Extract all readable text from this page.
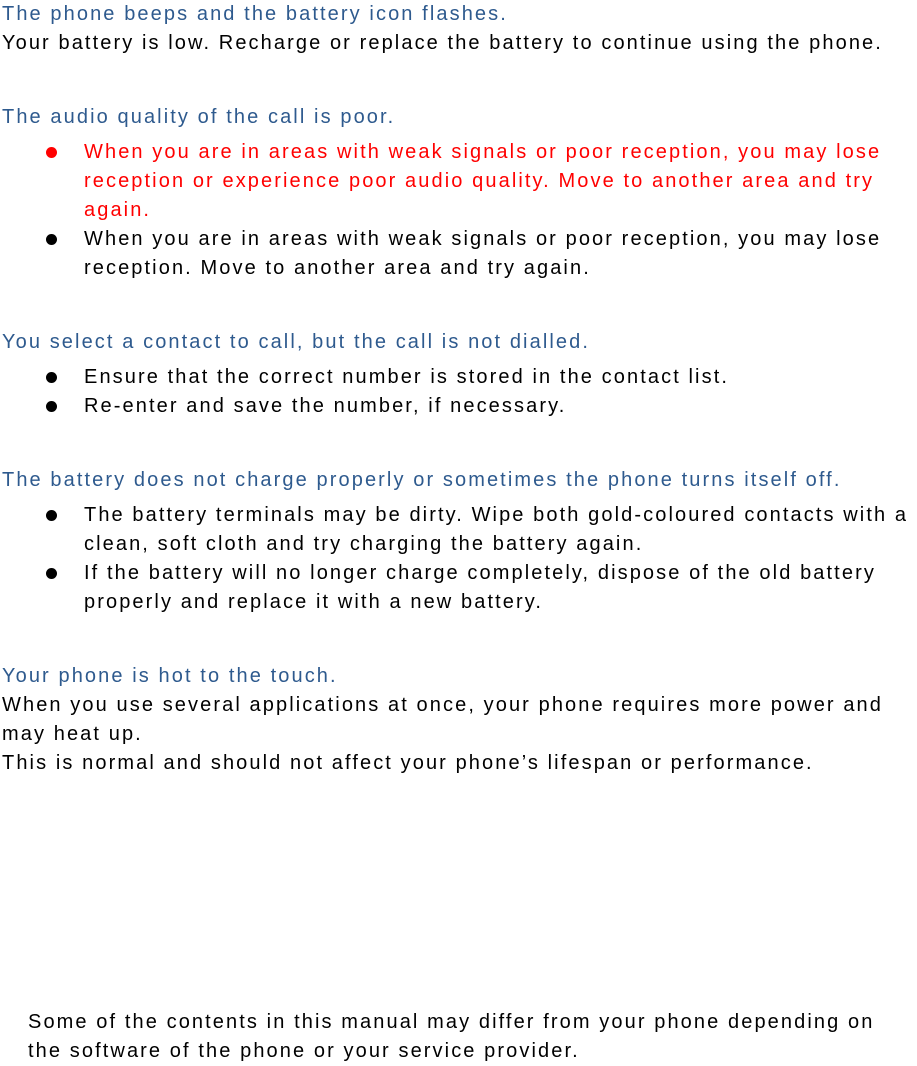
The phone beeps and the battery icon flashes.

Your battery is low. Recharge or replace the battery to continue using the phone.

The audio quality of the call is poor.
When you are in areas with weak signals or poor reception, you may lose reception or experience poor audio quality. Move to another area and try again.
When you are in areas with weak signals or poor reception, you may lose reception. Move to another area and try again.
You select a contact to call, but the call is not dialled.
Ensure that the correct number is stored in the contact list.
Re-enter and save the number, if necessary.
The battery does not charge properly or sometimes the phone turns itself off.
The battery terminals may be dirty. Wipe both gold-coloured contacts with a clean, soft cloth and try charging the battery again.
If the battery will no longer charge completely, dispose of the old battery properly and replace it with a new battery.
Your phone is hot to the touch.

When you use several applications at once, your phone requires more power and may heat up.

This is normal and should not affect your phone’s lifespan or performance.

Some of the contents in this manual may differ from your phone depending on the software of the phone or your service provider.
